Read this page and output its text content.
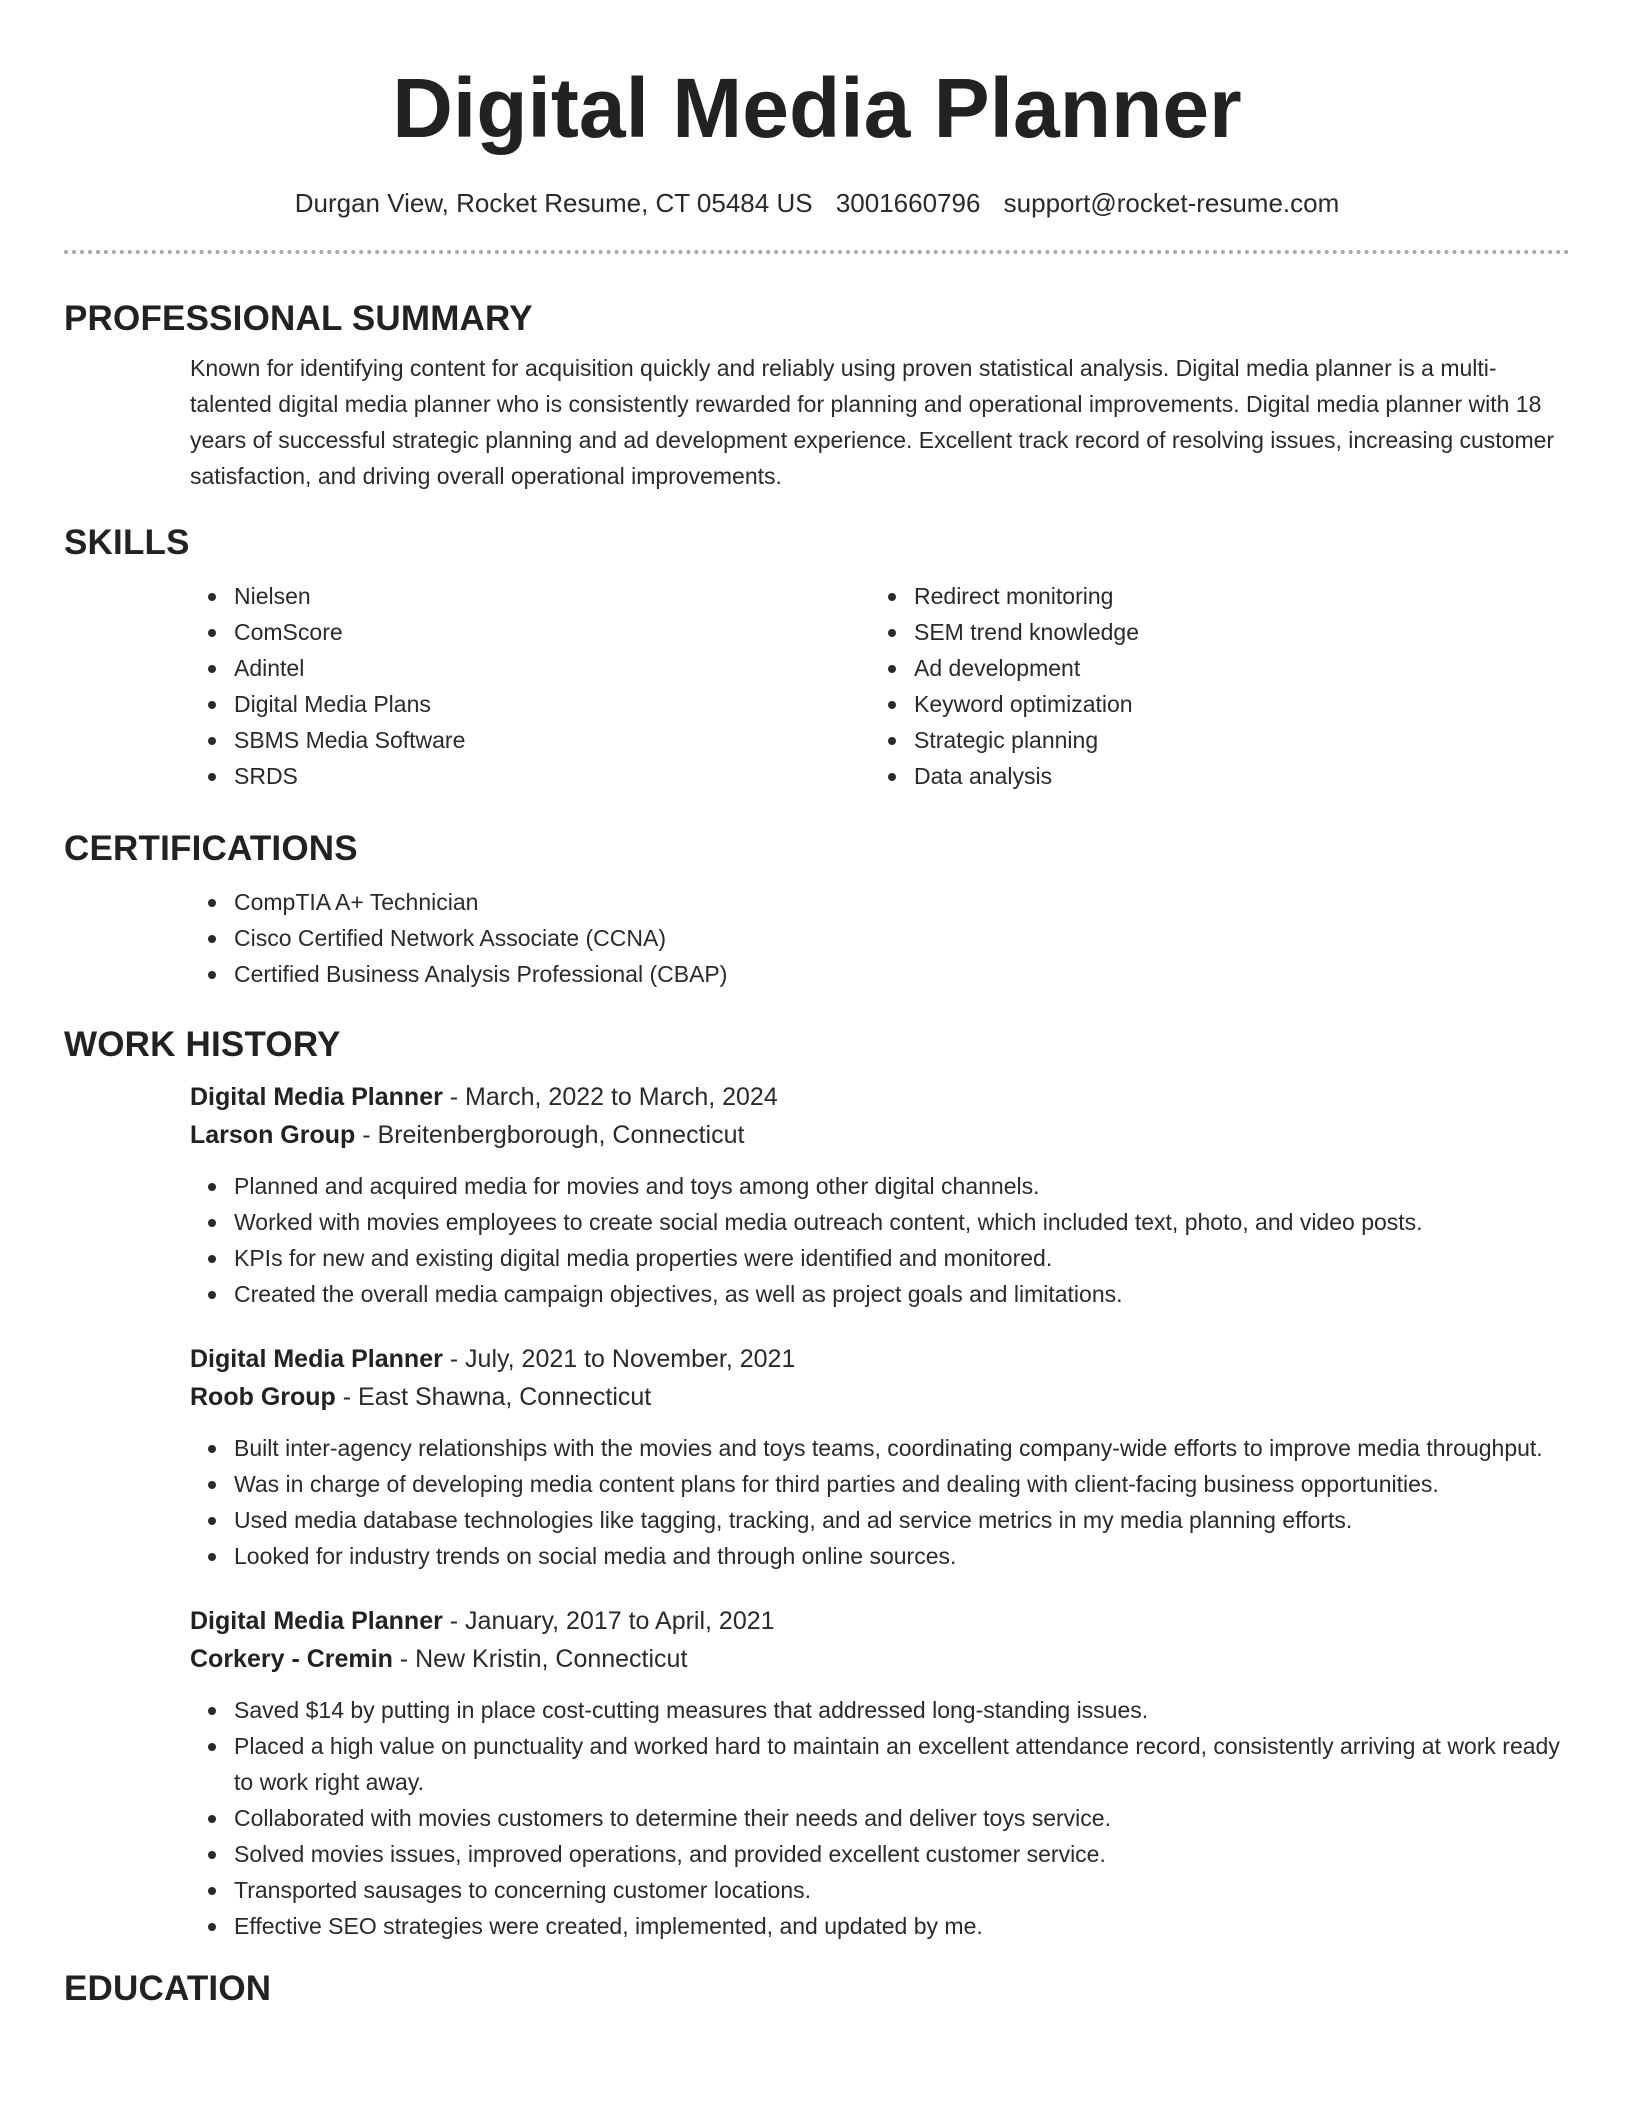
Digital Media Planner
Durgan View, Rocket Resume, CT 05484 US 3001660796 support@rocket-resume.com
PROFESSIONAL SUMMARY
Known for identifying content for acquisition quickly and reliably using proven statistical analysis. Digital media planner is a multi-talented digital media planner who is consistently rewarded for planning and operational improvements. Digital media planner with 18 years of successful strategic planning and ad development experience. Excellent track record of resolving issues, increasing customer satisfaction, and driving overall operational improvements.
SKILLS
Nielsen
ComScore
Adintel
Digital Media Plans
SBMS Media Software
SRDS
Redirect monitoring
SEM trend knowledge
Ad development
Keyword optimization
Strategic planning
Data analysis
CERTIFICATIONS
CompTIA A+ Technician
Cisco Certified Network Associate (CCNA)
Certified Business Analysis Professional (CBAP)
WORK HISTORY
Digital Media Planner - March, 2022 to March, 2024
Larson Group - Breitenbergborough, Connecticut
Planned and acquired media for movies and toys among other digital channels.
Worked with movies employees to create social media outreach content, which included text, photo, and video posts.
KPIs for new and existing digital media properties were identified and monitored.
Created the overall media campaign objectives, as well as project goals and limitations.
Digital Media Planner - July, 2021 to November, 2021
Roob Group - East Shawna, Connecticut
Built inter-agency relationships with the movies and toys teams, coordinating company-wide efforts to improve media throughput.
Was in charge of developing media content plans for third parties and dealing with client-facing business opportunities.
Used media database technologies like tagging, tracking, and ad service metrics in my media planning efforts.
Looked for industry trends on social media and through online sources.
Digital Media Planner - January, 2017 to April, 2021
Corkery - Cremin - New Kristin, Connecticut
Saved $14 by putting in place cost-cutting measures that addressed long-standing issues.
Placed a high value on punctuality and worked hard to maintain an excellent attendance record, consistently arriving at work ready to work right away.
Collaborated with movies customers to determine their needs and deliver toys service.
Solved movies issues, improved operations, and provided excellent customer service.
Transported sausages to concerning customer locations.
Effective SEO strategies were created, implemented, and updated by me.
EDUCATION
